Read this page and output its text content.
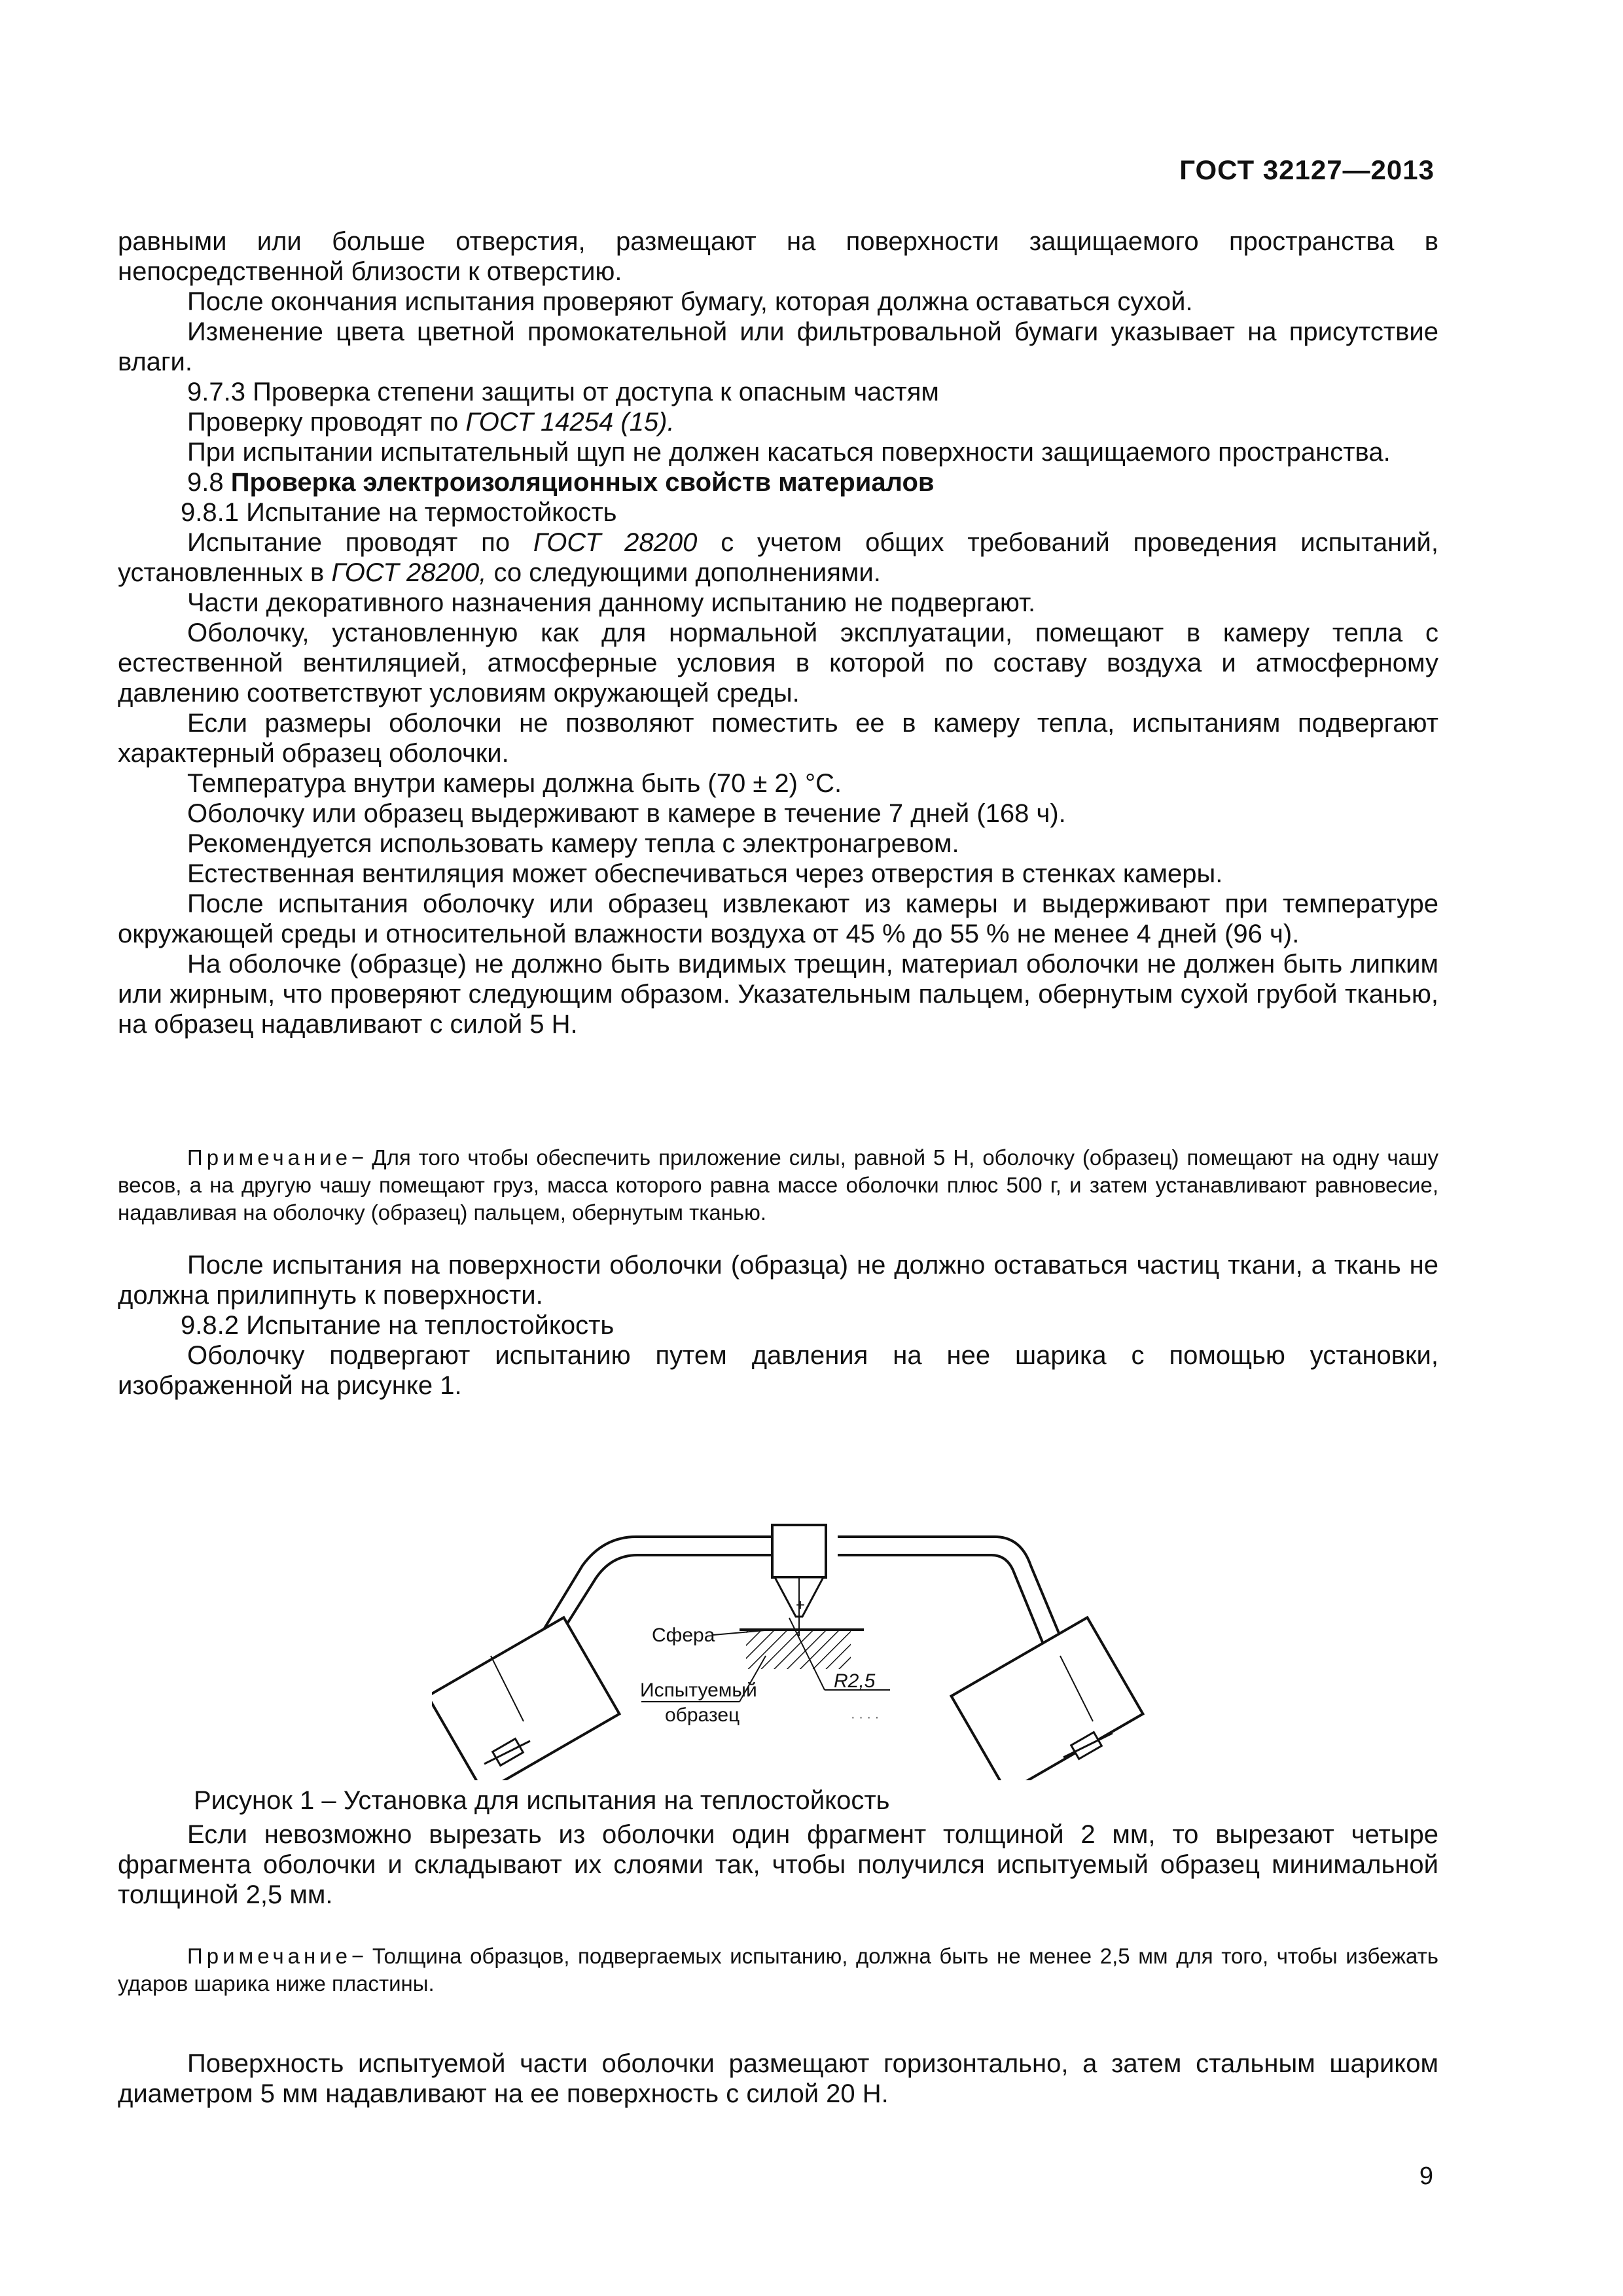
ГОСТ 32127—2013

равными или больше отверстия, размещают на поверхности защищаемого пространства в непосредственной близости к отверстию.

После окончания испытания проверяют бумагу, которая должна оставаться сухой.

Изменение цвета цветной промокательной или фильтровальной бумаги указывает на присутствие влаги.

9.7.3 Проверка степени защиты от доступа к опасным частям

Проверку проводят по ГОСТ 14254 (15).

При испытании испытательный щуп не должен касаться поверхности защищаемого пространства.

9.8 Проверка электроизоляционных свойств материалов

9.8.1 Испытание на термостойкость

Испытание проводят по ГОСТ 28200 с учетом общих требований проведения испытаний, установленных в ГОСТ 28200, со следующими дополнениями.

Части декоративного назначения данному испытанию не подвергают.

Оболочку, установленную как для нормальной эксплуатации, помещают в камеру тепла с естественной вентиляцией, атмосферные условия в которой по составу воздуха и атмосферному давлению соответствуют условиям окружающей среды.

Если размеры оболочки не позволяют поместить ее в камеру тепла, испытаниям подвергают характерный образец оболочки.

Температура внутри камеры должна быть (70 ± 2) °С.

Оболочку или образец выдерживают в камере в течение 7 дней (168 ч).

Рекомендуется использовать камеру тепла с электронагревом.

Естественная вентиляция может обеспечиваться через отверстия в стенках камеры.

После испытания оболочку или образец извлекают из камеры и выдерживают при температуре окружающей среды и относительной влажности воздуха от 45 % до 55 % не менее 4 дней (96 ч).

На оболочке (образце) не должно быть видимых трещин, материал оболочки не должен быть липким или жирным, что проверяют следующим образом. Указательным пальцем, обернутым сухой грубой тканью, на образец надавливают с силой 5 Н.

Примечание− Для того чтобы обеспечить приложение силы, равной 5 Н, оболочку (образец) помещают на одну чашу весов, а на другую чашу помещают груз, масса которого равна массе оболочки плюс 500 г, и затем устанавливают равновесие, надавливая на оболочку (образец) пальцем, обернутым тканью.

После испытания на поверхности оболочки (образца) не должно оставаться частиц ткани, а ткань не должна прилипнуть к поверхности.

9.8.2 Испытание на теплостойкость

Оболочку подвергают испытанию путем давления на нее шарика с помощью установки, изображенной на рисунке 1.

+
Сфера
Испытуемый
образец
R2,5
· · · ·
Рисунок 1 – Установка для испытания на теплостойкость

Если невозможно вырезать из оболочки один фрагмент толщиной 2 мм, то вырезают четыре фрагмента оболочки и складывают их слоями так, чтобы получился испытуемый образец минимальной толщиной 2,5 мм.

Примечание− Толщина образцов, подвергаемых испытанию, должна быть не менее 2,5 мм для того, чтобы избежать ударов шарика ниже пластины.

Поверхность испытуемой части оболочки размещают горизонтально, а затем стальным шариком диаметром 5 мм надавливают на ее поверхность с силой 20 Н.

9
